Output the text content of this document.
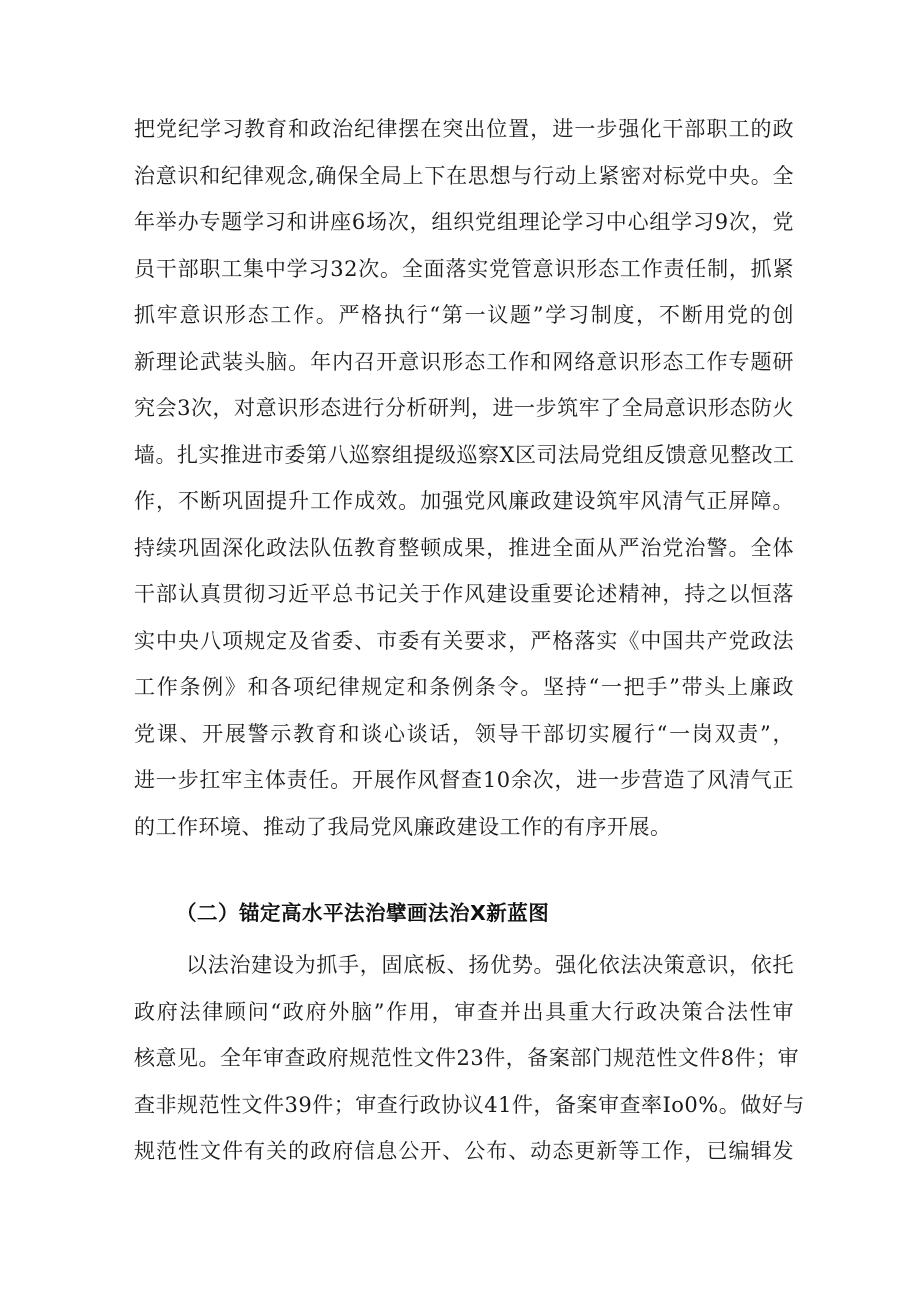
把党纪学习教育和政治纪律摆在突出位置，进一步强化干部职工的政
治意识和纪律观念,确保全局上下在思想与行动上紧密对标党中央。全
年举办专题学习和讲座6场次，组织党组理论学习中心组学习9次，党
员干部职工集中学习32次。全面落实党管意识形态工作责任制，抓紧
抓牢意识形态工作。严格执行“第一议题”学习制度，不断用党的创
新理论武装头脑。年内召开意识形态工作和网络意识形态工作专题研
究会3次，对意识形态进行分析研判，进一步筑牢了全局意识形态防火
墙。扎实推进市委第八巡察组提级巡察X区司法局党组反馈意见整改工
作，不断巩固提升工作成效。加强党风廉政建设筑牢风清气正屏障。
持续巩固深化政法队伍教育整顿成果，推进全面从严治党治警。全体
干部认真贯彻习近平总书记关于作风建设重要论述精神，持之以恒落
实中央八项规定及省委、市委有关要求，严格落实《中国共产党政法
工作条例》和各项纪律规定和条例条令。坚持“一把手”带头上廉政
党课、开展警示教育和谈心谈话，领导干部切实履行“一岗双责”，
进一步扛牢主体责任。开展作风督查10余次，进一步营造了风清气正
的工作环境、推动了我局党风廉政建设工作的有序开展。
（二）锚定高水平法治擘画法治X新蓝图
以法治建设为抓手，固底板、扬优势。强化依法决策意识，依托
政府法律顾问“政府外脑”作用，审查并出具重大行政决策合法性审
核意见。全年审查政府规范性文件23件，备案部门规范性文件8件；审
查非规范性文件39件；审查行政协议41件，备案审查率Io0%。做好与
规范性文件有关的政府信息公开、公布、动态更新等工作，已编辑发
